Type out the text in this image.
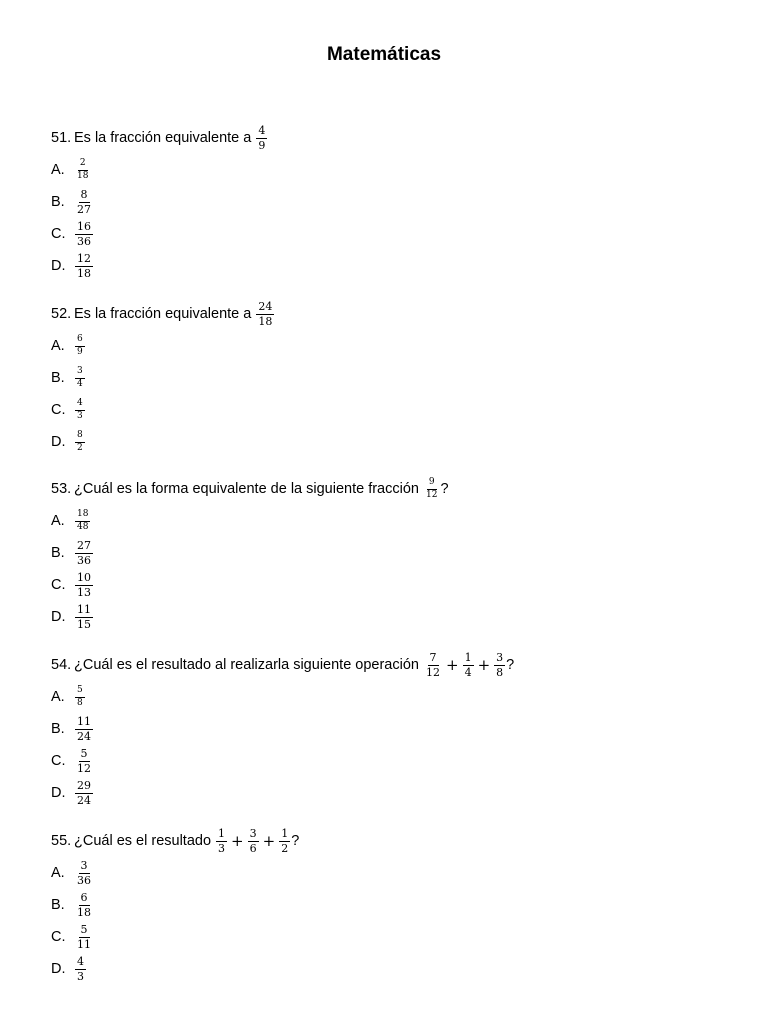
Matemáticas
51. Es la fracción equivalente a $\frac{4}{9}$
A.	$\frac{2}{18}$
B. $\frac{8}{27}$
C. $\frac{16}{36}$
D. $\frac{12}{18}$
52. Es la fracción equivalente a $\frac{24}{18}$
A.	$\frac{6}{9}$
B.	$\frac{3}{4}$
C.	$\frac{4}{3}$
D.	$\frac{8}{2}$
53. ¿Cuál es la forma equivalente de la siguiente fracción $\frac{9}{12}$ ?
A.	$\frac{18}{48}$
B. $\frac{27}{36}$
C. $\frac{10}{13}$
D. $\frac{11}{15}$
54. ¿Cuál es el resultado al realizarla siguiente operación $\frac{7}{12} + \frac{1}{4} + \frac{3}{8}$ ?
A.	$\frac{5}{8}$
B. $\frac{11}{24}$
C. $\frac{5}{12}$
D. $\frac{29}{24}$
55. ¿Cuál es el resultado $\frac{1}{3} + \frac{3}{6} + \frac{1}{2}$ ?
A. $\frac{3}{36}$
B. $\frac{6}{18}$
C. $\frac{5}{11}$
D. $\frac{4}{3}$
